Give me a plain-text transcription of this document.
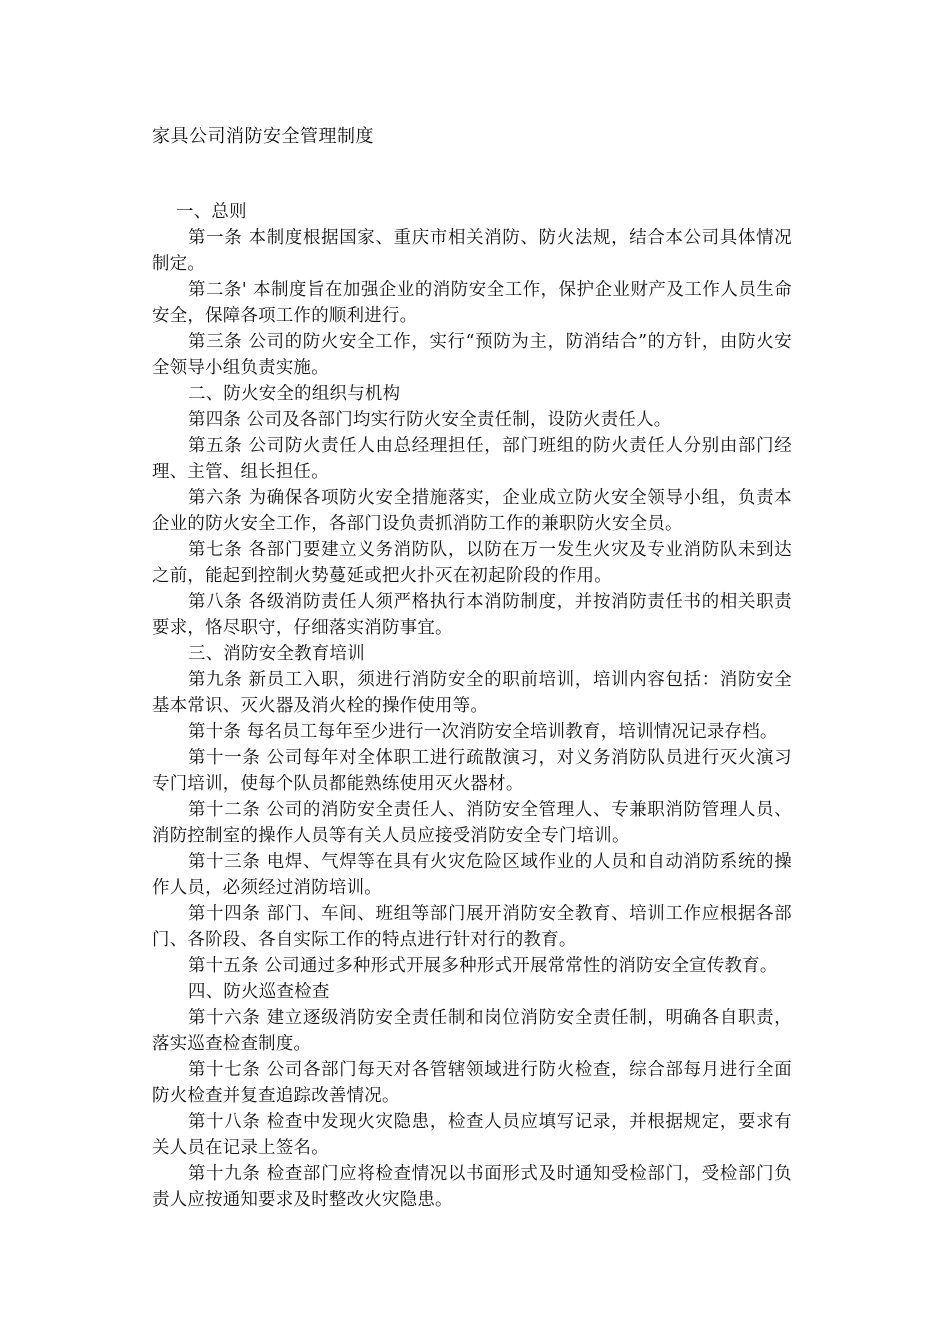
家具公司消防安全管理制度

一、总则

第一条 本制度根据国家、重庆市相关消防、防火法规，结合本公司具体情况制定。

第二条' 本制度旨在加强企业的消防安全工作，保护企业财产及工作人员生命安全，保障各项工作的顺利进行。

第三条 公司的防火安全工作，实行“预防为主，防消结合”的方针，由防火安全领导小组负责实施。

二、防火安全的组织与机构

第四条 公司及各部门均实行防火安全责任制，设防火责任人。

第五条 公司防火责任人由总经理担任，部门班组的防火责任人分别由部门经理、主管、组长担任。

第六条 为确保各项防火安全措施落实，企业成立防火安全领导小组，负责本企业的防火安全工作，各部门设负责抓消防工作的兼职防火安全员。

第七条 各部门要建立义务消防队，以防在万一发生火灾及专业消防队未到达之前，能起到控制火势蔓延或把火扑灭在初起阶段的作用。

第八条 各级消防责任人须严格执行本消防制度，并按消防责任书的相关职责要求，恪尽职守，仔细落实消防事宜。

三、消防安全教育培训

第九条 新员工入职，须进行消防安全的职前培训，培训内容包括：消防安全基本常识、灭火器及消火栓的操作使用等。

第十条 每名员工每年至少进行一次消防安全培训教育，培训情况记录存档。

第十一条 公司每年对全体职工进行疏散演习，对义务消防队员进行灭火演习专门培训，使每个队员都能熟练使用灭火器材。

第十二条 公司的消防安全责任人、消防安全管理人、专兼职消防管理人员、消防控制室的操作人员等有关人员应接受消防安全专门培训。

第十三条 电焊、气焊等在具有火灾危险区域作业的人员和自动消防系统的操作人员，必须经过消防培训。

第十四条 部门、车间、班组等部门展开消防安全教育、培训工作应根据各部门、各阶段、各自实际工作的特点进行针对行的教育。

第十五条 公司通过多种形式开展多种形式开展常常性的消防安全宣传教育。

四、防火巡查检查

第十六条 建立逐级消防安全责任制和岗位消防安全责任制，明确各自职责，落实巡查检查制度。

第十七条 公司各部门每天对各管辖领域进行防火检查，综合部每月进行全面防火检查并复查追踪改善情况。

第十八条 检查中发现火灾隐患，检查人员应填写记录，并根据规定，要求有关人员在记录上签名。

第十九条 检查部门应将检查情况以书面形式及时通知受检部门，受检部门负责人应按通知要求及时整改火灾隐患。
